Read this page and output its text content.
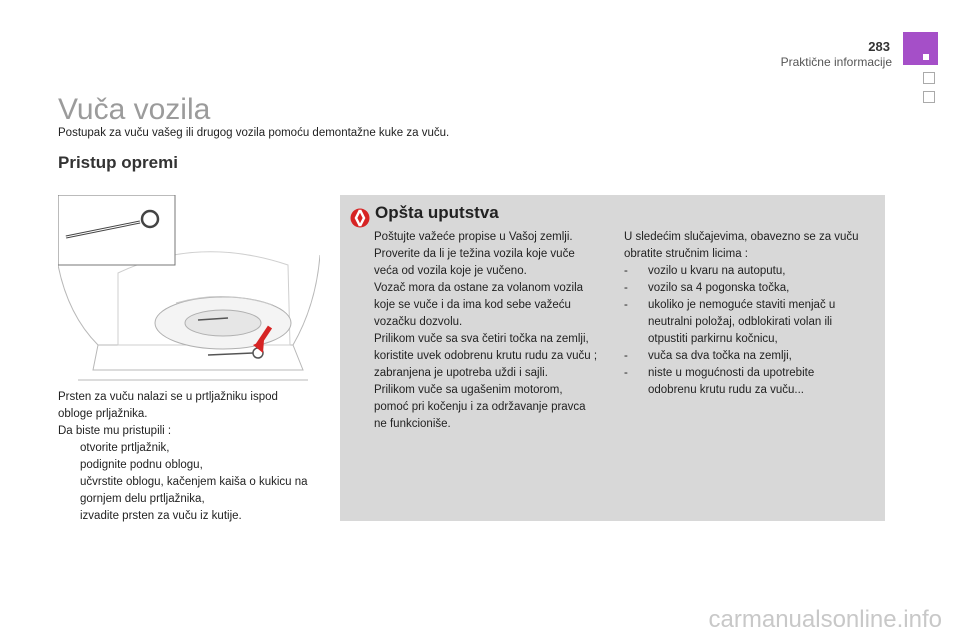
283
Praktične informacije
Vuča vozila
Postupak za vuču vašeg ili drugog vozila pomoću demontažne kuke za vuču.
Pristup opremi

Prsten za vuču nalazi se u prtljažniku ispod obloge prljažnika.

Da biste mu pristupili :

otvorite prtljažnik,
podignite podnu oblogu,
učvrstite oblogu, kačenjem kaiša o kukicu na gornjem delu prtljažnika,
izvadite prsten za vuču iz kutije.
Opšta uputstva

Poštujte važeće propise u Vašoj zemlji.

Proverite da li je težina vozila koje vuče veća od vozila koje je vučeno.

Vozač mora da ostane za volanom vozila koje se vuče i da ima kod sebe važeću vozačku dozvolu.

Prilikom vuče sa sva četiri točka na zemlji, koristite uvek odobrenu krutu rudu za vuču ; zabranjena je upotreba uždi i sajli.

Prilikom vuče sa ugašenim motorom, pomoć pri kočenju i za održavanje pravca ne funkcioniše.

U sledećim slučajevima, obavezno se za vuču obratite stručnim licima :

- vozilo u kvaru na autoputu,
- vozilo sa 4 pogonska točka,
- ukoliko je nemoguće staviti menjač u neutralni položaj, odblokirati volan ili otpustiti parkirnu kočnicu,
- vuča sa dva točka na zemlji,
- niste u mogućnosti da upotrebite odobrenu krutu rudu za vuču...
carmanualsonline.info
